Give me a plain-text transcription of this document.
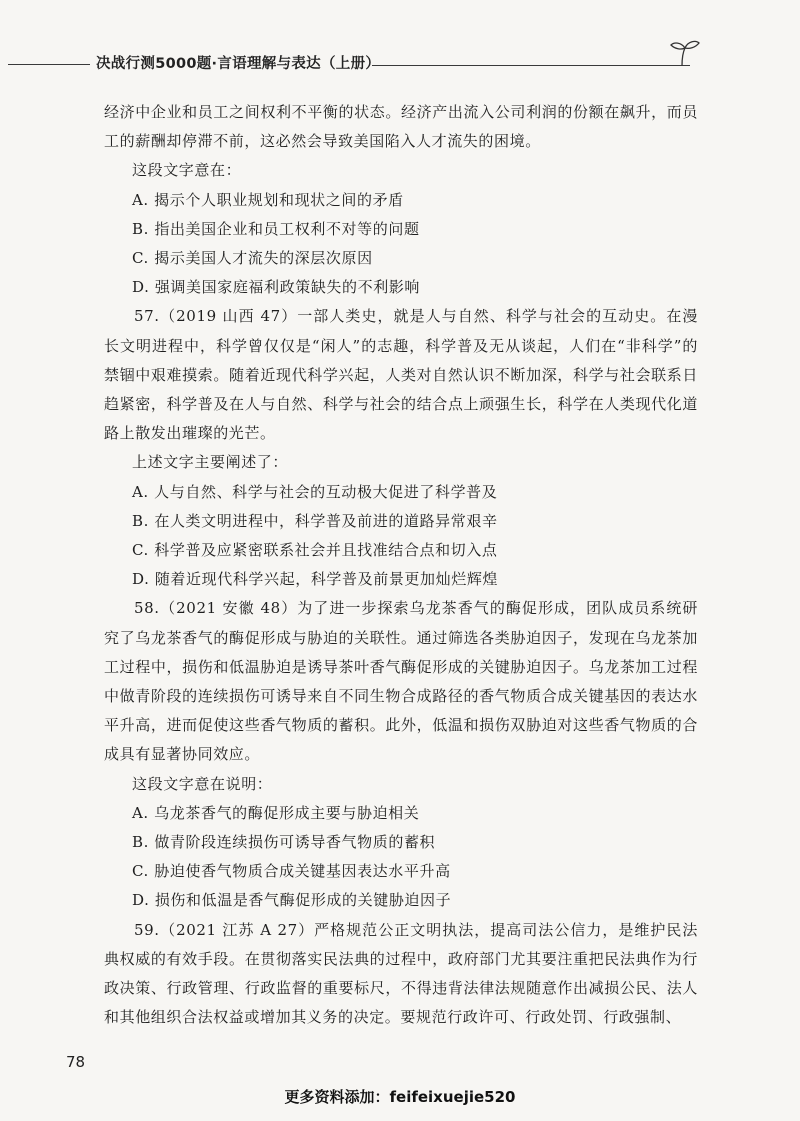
决战行测5000题·言语理解与表达（上册）

经济中企业和员工之间权利不平衡的状态。经济产出流入公司利润的份额在飙升，而员工的薪酬却停滞不前，这必然会导致美国陷入人才流失的困境。

这段文字意在：

A. 揭示个人职业规划和现状之间的矛盾

B. 指出美国企业和员工权利不对等的问题

C. 揭示美国人才流失的深层次原因

D. 强调美国家庭福利政策缺失的不利影响

57.（2019 山西 47）一部人类史，就是人与自然、科学与社会的互动史。在漫长文明进程中，科学曾仅仅是“闲人”的志趣，科学普及无从谈起，人们在“非科学”的禁锢中艰难摸索。随着近现代科学兴起，人类对自然认识不断加深，科学与社会联系日趋紧密，科学普及在人与自然、科学与社会的结合点上顽强生长，科学在人类现代化道路上散发出璀璨的光芒。

上述文字主要阐述了：

A. 人与自然、科学与社会的互动极大促进了科学普及

B. 在人类文明进程中，科学普及前进的道路异常艰辛

C. 科学普及应紧密联系社会并且找准结合点和切入点

D. 随着近现代科学兴起，科学普及前景更加灿烂辉煌

58.（2021 安徽 48）为了进一步探索乌龙茶香气的酶促形成，团队成员系统研究了乌龙茶香气的酶促形成与胁迫的关联性。通过筛选各类胁迫因子，发现在乌龙茶加工过程中，损伤和低温胁迫是诱导茶叶香气酶促形成的关键胁迫因子。乌龙茶加工过程中做青阶段的连续损伤可诱导来自不同生物合成路径的香气物质合成关键基因的表达水平升高，进而促使这些香气物质的蓄积。此外，低温和损伤双胁迫对这些香气物质的合成具有显著协同效应。

这段文字意在说明：

A. 乌龙茶香气的酶促形成主要与胁迫相关

B. 做青阶段连续损伤可诱导香气物质的蓄积

C. 胁迫使香气物质合成关键基因表达水平升高

D. 损伤和低温是香气酶促形成的关键胁迫因子

59.（2021 江苏 A 27）严格规范公正文明执法，提高司法公信力，是维护民法典权威的有效手段。在贯彻落实民法典的过程中，政府部门尤其要注重把民法典作为行政决策、行政管理、行政监督的重要标尺，不得违背法律法规随意作出减损公民、法人和其他组织合法权益或增加其义务的决定。要规范行政许可、行政处罚、行政强制、

78
更多资料添加：feifeixuejie520
